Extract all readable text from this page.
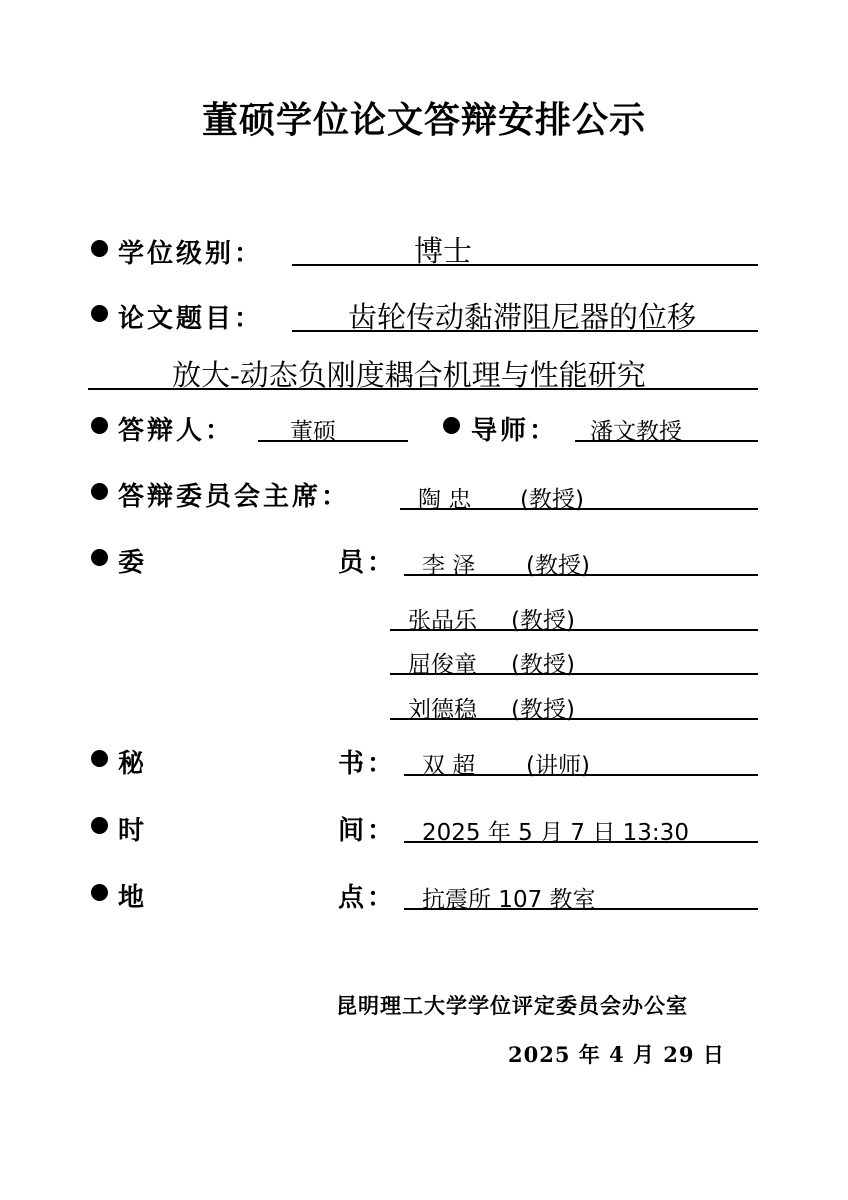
董硕学位论文答辩安排公示
学位级别：	博士
论文题目：	齿轮传动黏滞阻尼器的位移
放大-动态负刚度耦合机理与性能研究
答辩人： 董硕	导师： 潘文教授
答辩委员会主席：	陶 忠 (教授)
委	员： 李 泽 (教授)
张品乐 (教授)
屈俊童 (教授)
刘德稳 (教授)
秘	书： 双 超 (讲师)
时	间： 2025 年 5 月 7 日 13:30
地	点： 抗震所 107 教室
昆明理工大学学位评定委员会办公室
2025 年 4 月 29 日
